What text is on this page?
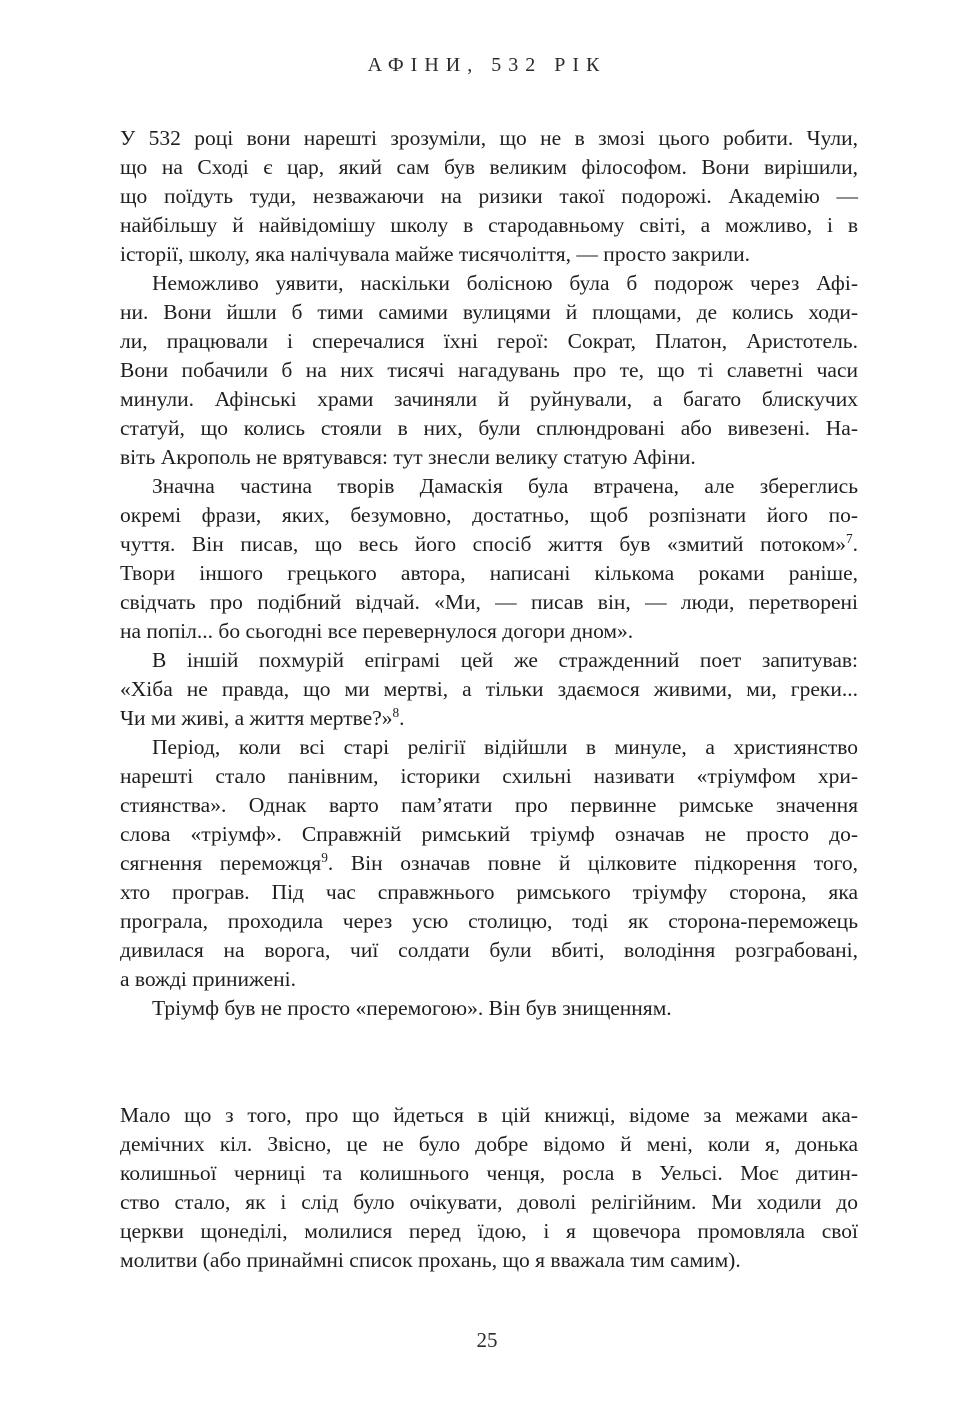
АФІНИ, 532 РІК
У 532 році вони нарешті зрозуміли, що не в змозі цього робити. Чули,
що на Сході є цар, який сам був великим філософом. Вони вирішили,
що поїдуть туди, незважаючи на ризики такої подорожі. Академію —
найбільшу й найвідомішу школу в стародавньому світі, а можливо, і в
історії, школу, яка налічувала майже тисячоліття, — просто закрили.
Неможливо уявити, наскільки болісною була б подорож через Афі-
ни. Вони йшли б тими самими вулицями й площами, де колись ходи-
ли, працювали і сперечалися їхні герої: Сократ, Платон, Аристотель.
Вони побачили б на них тисячі нагадувань про те, що ті славетні часи
минули. Афінські храми зачиняли й руйнували, а багато блискучих
статуй, що колись стояли в них, були сплюндровані або вивезені. На-
віть Акрополь не врятувався: тут знесли велику статую Афіни.
Значна частина творів Дамаскія була втрачена, але збереглись
окремі фрази, яких, безумовно, достатньо, щоб розпізнати його по-
чуття. Він писав, що весь його спосіб життя був «змитий потоком»$^7$.
Твори іншого грецького автора, написані кількома роками раніше,
свідчать про подібний відчай. «Ми, — писав він, — люди, перетворені
на попіл... бо сьогодні все перевернулося догори дном».
В іншій похмурій епіграмі цей же стражденний поет запитував:
«Хіба не правда, що ми мертві, а тільки здаємося живими, ми, греки...
Чи ми живі, а життя мертве?»$^8$.
Період, коли всі старі релігії відійшли в минуле, а християнство
нарешті стало панівним, історики схильні називати «тріумфом хри-
стиянства». Однак варто пам’ятати про первинне римське значення
слова «тріумф». Справжній римський тріумф означав не просто до-
сягнення переможця$^9$. Він означав повне й цілковите підкорення того,
хто програв. Під час справжнього римського тріумфу сторона, яка
програла, проходила через усю столицю, тоді як сторона-переможець
дивилася на ворога, чиї солдати були вбиті, володіння розграбовані,
а вожді принижені.
Тріумф був не просто «перемогою». Він був знищенням.
Мало що з того, про що йдеться в цій книжці, відоме за межами ака-
демічних кіл. Звісно, це не було добре відомо й мені, коли я, донька
колишньої черниці та колишнього ченця, росла в Уельсі. Моє дитин-
ство стало, як і слід було очікувати, доволі релігійним. Ми ходили до
церкви щонеділі, молилися перед їдою, і я щовечора промовляла свої
молитви (або принаймні список прохань, що я вважала тим самим).
25
